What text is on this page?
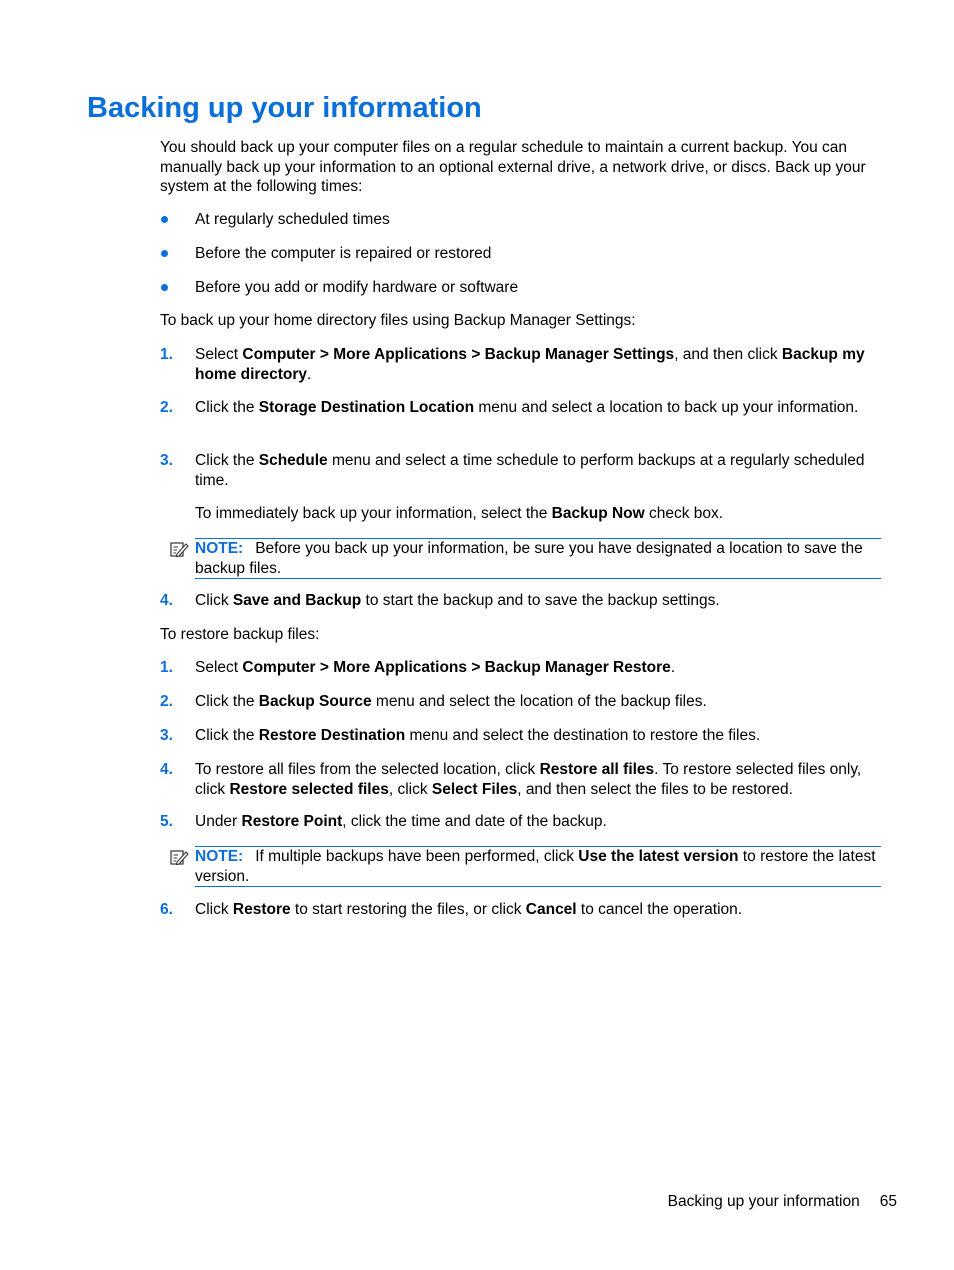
Backing up your information

You should back up your computer files on a regular schedule to maintain a current backup. You can manually back up your information to an optional external drive, a network drive, or discs. Back up your system at the following times:

At regularly scheduled times
Before the computer is repaired or restored
Before you add or modify hardware or software

To back up your home directory files using Backup Manager Settings:

1. Select Computer > More Applications > Backup Manager Settings, and then click Backup my home directory.
2. Click the Storage Destination Location menu and select a location to back up your information.
3. Click the Schedule menu and select a time schedule to perform backups at a regularly scheduled time.
To immediately back up your information, select the Backup Now check box.
NOTE: Before you back up your information, be sure you have designated a location to save the backup files.
4. Click Save and Backup to start the backup and to save the backup settings.

To restore backup files:

1. Select Computer > More Applications > Backup Manager Restore.
2. Click the Backup Source menu and select the location of the backup files.
3. Click the Restore Destination menu and select the destination to restore the files.
4. To restore all files from the selected location, click Restore all files. To restore selected files only, click Restore selected files, click Select Files, and then select the files to be restored.
5. Under Restore Point, click the time and date of the backup.
NOTE: If multiple backups have been performed, click Use the latest version to restore the latest version.
6. Click Restore to start restoring the files, or click Cancel to cancel the operation.
Backing up your information 65
